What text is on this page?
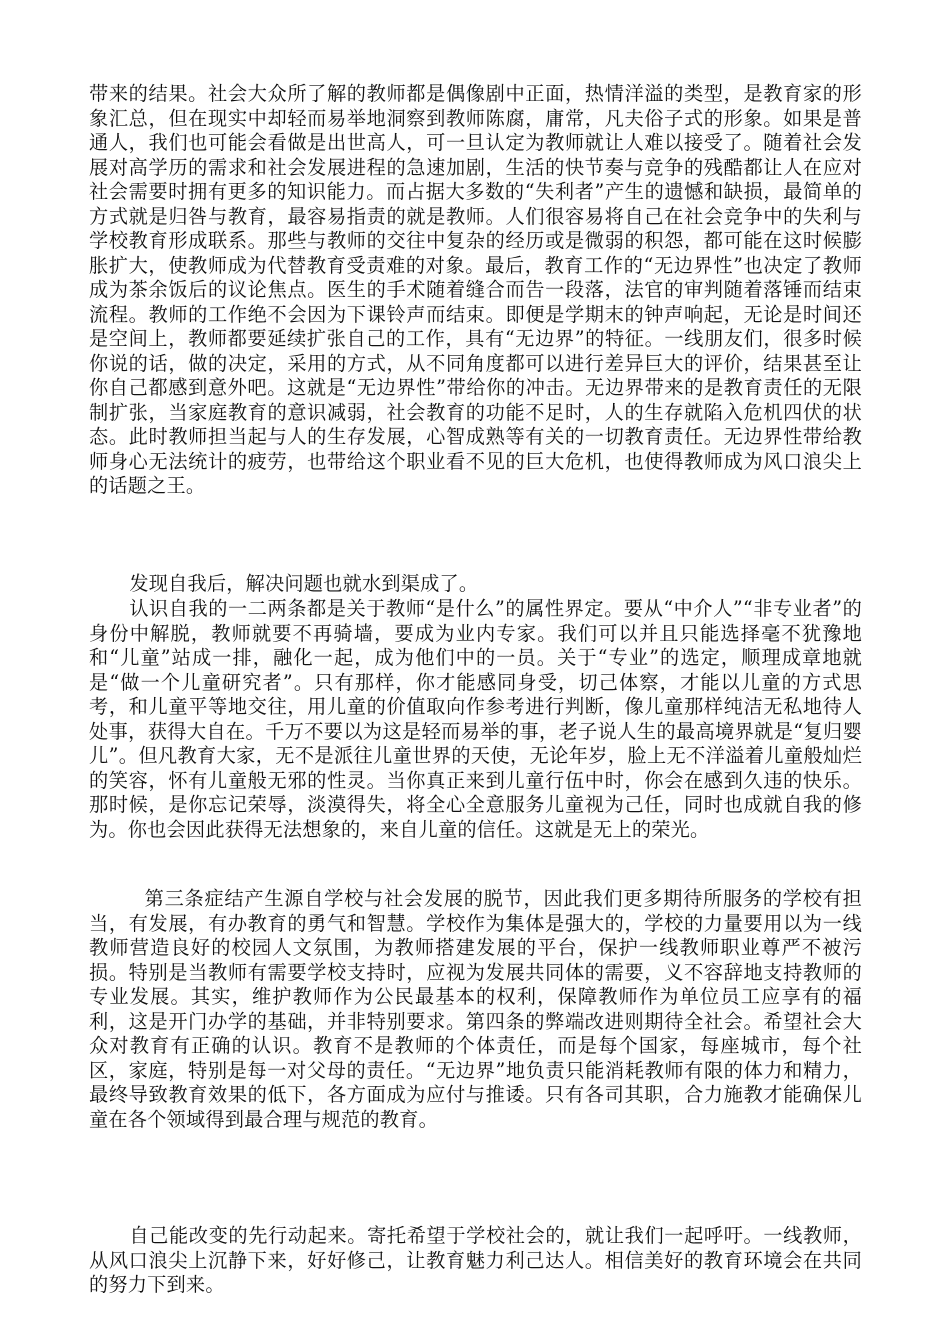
带来的结果。社会大众所了解的教师都是偶像剧中正面，热情洋溢的类型，是教育家的形象汇总，但在现实中却轻而易举地洞察到教师陈腐，庸常，凡夫俗子式的形象。如果是普通人，我们也可能会看做是出世高人，可一旦认定为教师就让人难以接受了。随着社会发展对高学历的需求和社会发展进程的急速加剧，生活的快节奏与竞争的残酷都让人在应对社会需要时拥有更多的知识能力。而占据大多数的“失利者”产生的遗憾和缺损，最简单的方式就是归咎与教育，最容易指责的就是教师。人们很容易将自己在社会竞争中的失利与学校教育形成联系。那些与教师的交往中复杂的经历或是微弱的积怨，都可能在这时候膨胀扩大，使教师成为代替教育受责难的对象。最后，教育工作的“无边界性”也决定了教师成为茶余饭后的议论焦点。医生的手术随着缝合而告一段落，法官的审判随着落锤而结束流程。教师的工作绝不会因为下课铃声而结束。即便是学期末的钟声响起，无论是时间还是空间上，教师都要延续扩张自己的工作，具有“无边界”的特征。一线朋友们，很多时候你说的话，做的决定，采用的方式，从不同角度都可以进行差异巨大的评价，结果甚至让你自己都感到意外吧。这就是“无边界性”带给你的冲击。无边界带来的是教育责任的无限制扩张，当家庭教育的意识减弱，社会教育的功能不足时，人的生存就陷入危机四伏的状态。此时教师担当起与人的生存发展，心智成熟等有关的一切教育责任。无边界性带给教师身心无法统计的疲劳，也带给这个职业看不见的巨大危机，也使得教师成为风口浪尖上的话题之王。

发现自我后，解决问题也就水到渠成了。

认识自我的一二两条都是关于教师“是什么”的属性界定。要从“中介人”“非专业者”的身份中解脱，教师就要不再骑墙，要成为业内专家。我们可以并且只能选择毫不犹豫地和“儿童”站成一排，融化一起，成为他们中的一员。关于“专业”的选定，顺理成章地就是“做一个儿童研究者”。只有那样，你才能感同身受，切己体察，才能以儿童的方式思考，和儿童平等地交往，用儿童的价值取向作参考进行判断，像儿童那样纯洁无私地待人处事，获得大自在。千万不要以为这是轻而易举的事，老子说人生的最高境界就是“复归婴儿”。但凡教育大家，无不是派往儿童世界的天使，无论年岁，脸上无不洋溢着儿童般灿烂的笑容，怀有儿童般无邪的性灵。当你真正来到儿童行伍中时，你会在感到久违的快乐。那时候，是你忘记荣辱，淡漠得失，将全心全意服务儿童视为己任，同时也成就自我的修为。你也会因此获得无法想象的，来自儿童的信任。这就是无上的荣光。

第三条症结产生源自学校与社会发展的脱节，因此我们更多期待所服务的学校有担当，有发展，有办教育的勇气和智慧。学校作为集体是强大的，学校的力量要用以为一线教师营造良好的校园人文氛围，为教师搭建发展的平台，保护一线教师职业尊严不被污损。特别是当教师有需要学校支持时，应视为发展共同体的需要，义不容辞地支持教师的专业发展。其实，维护教师作为公民最基本的权利，保障教师作为单位员工应享有的福利，这是开门办学的基础，并非特别要求。第四条的弊端改进则期待全社会。希望社会大众对教育有正确的认识。教育不是教师的个体责任，而是每个国家，每座城市，每个社区，家庭，特别是每一对父母的责任。“无边界”地负责只能消耗教师有限的体力和精力，最终导致教育效果的低下，各方面成为应付与推诿。只有各司其职，合力施教才能确保儿童在各个领域得到最合理与规范的教育。

自己能改变的先行动起来。寄托希望于学校社会的，就让我们一起呼吁。一线教师，从风口浪尖上沉静下来，好好修己，让教育魅力利己达人。相信美好的教育环境会在共同的努力下到来。
